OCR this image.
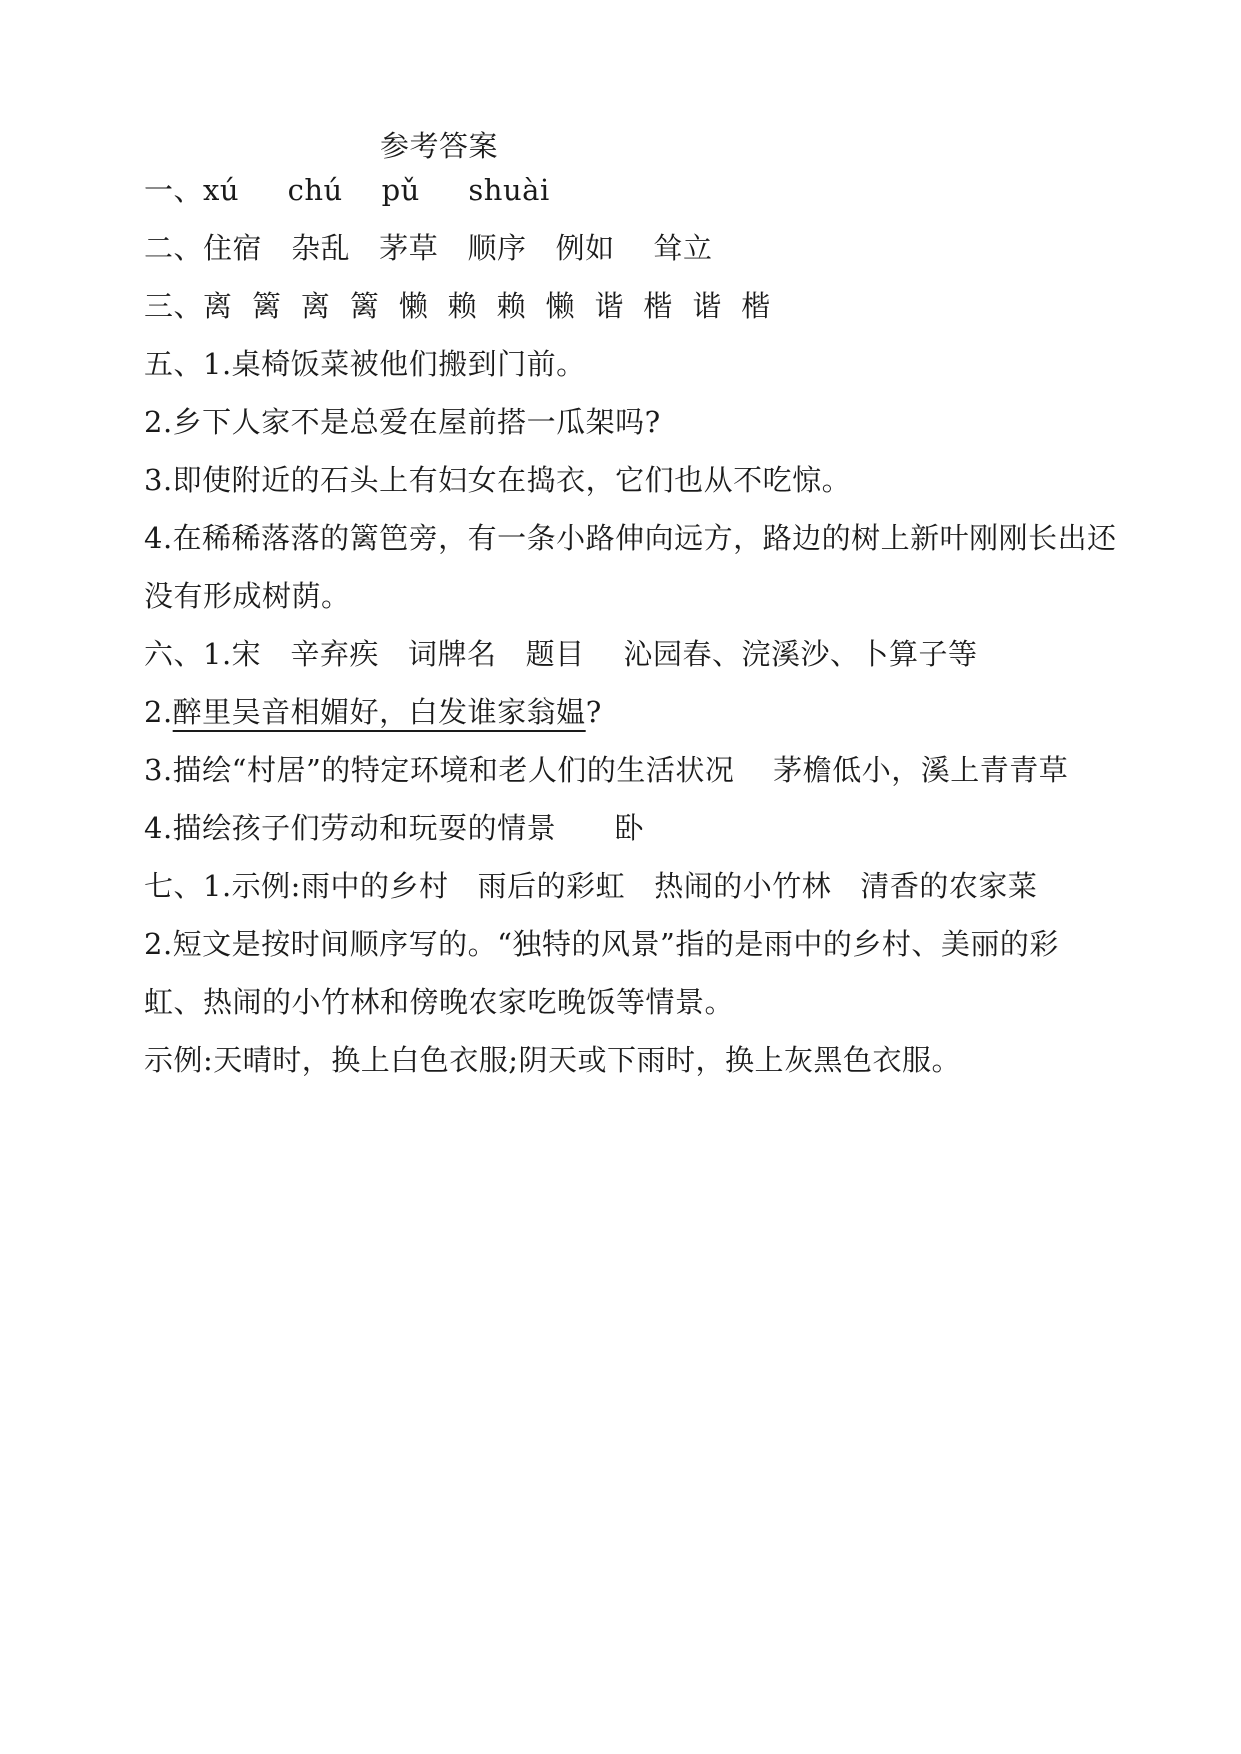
参考答案
一、xú     chú    pǔ     shuài
二、住宿   杂乱   茅草   顺序   例如    耸立
三、离  篱  离  篱  懒  赖  赖  懒  谐  楷  谐  楷
五、1.桌椅饭菜被他们搬到门前。
2.乡下人家不是总爱在屋前搭一瓜架吗?
3.即使附近的石头上有妇女在捣衣，它们也从不吃惊。
4.在稀稀落落的篱笆旁，有一条小路伸向远方，路边的树上新叶刚刚长出还
没有形成树荫。
六、1.宋   辛弃疾   词牌名   题目    沁园春、浣溪沙、卜算子等
2.醉里吴音相媚好，白发谁家翁媪?
3.描绘“村居”的特定环境和老人们的生活状况    茅檐低小，溪上青青草
4.描绘孩子们劳动和玩耍的情景      卧
七、1.示例:雨中的乡村   雨后的彩虹   热闹的小竹林   清香的农家菜
2.短文是按时间顺序写的。“独特的风景”指的是雨中的乡村、美丽的彩
虹、热闹的小竹林和傍晚农家吃晚饭等情景。
示例:天晴时，换上白色衣服;阴天或下雨时，换上灰黑色衣服。
